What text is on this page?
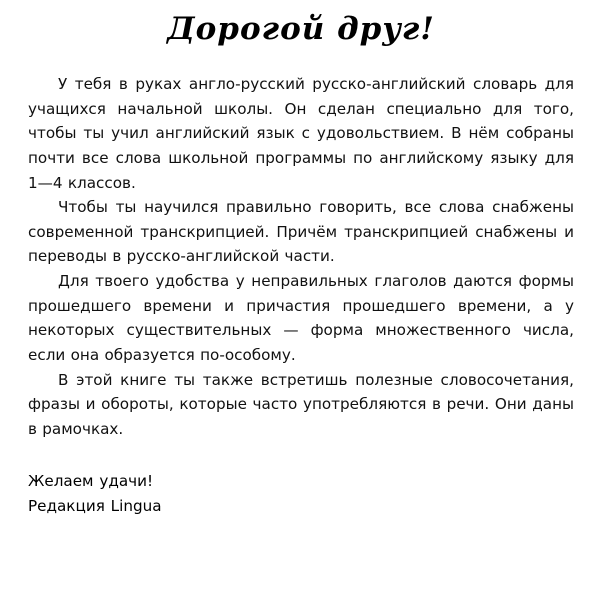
Дорогой друг!

У тебя в руках англо-русский русско-английский словарь для учащихся начальной школы. Он сделан специально для того, чтобы ты учил английский язык с удовольствием. В нём собраны почти все слова школьной программы по английскому языку для 1—4 классов.

Чтобы ты научился правильно говорить, все слова снабжены современной транскрипцией. Причём транскрипцией снабжены и переводы в русско-английской части.

Для твоего удобства у неправильных глаголов даются формы прошедшего времени и причастия прошедшего времени, а у некоторых существительных — форма множественного числа, если она образуется по-особому.

В этой книге ты также встретишь полезные словосочетания, фразы и обороты, которые часто употребляются в речи. Они даны в рамочках.

Желаем удачи!

Редакция Lingua
